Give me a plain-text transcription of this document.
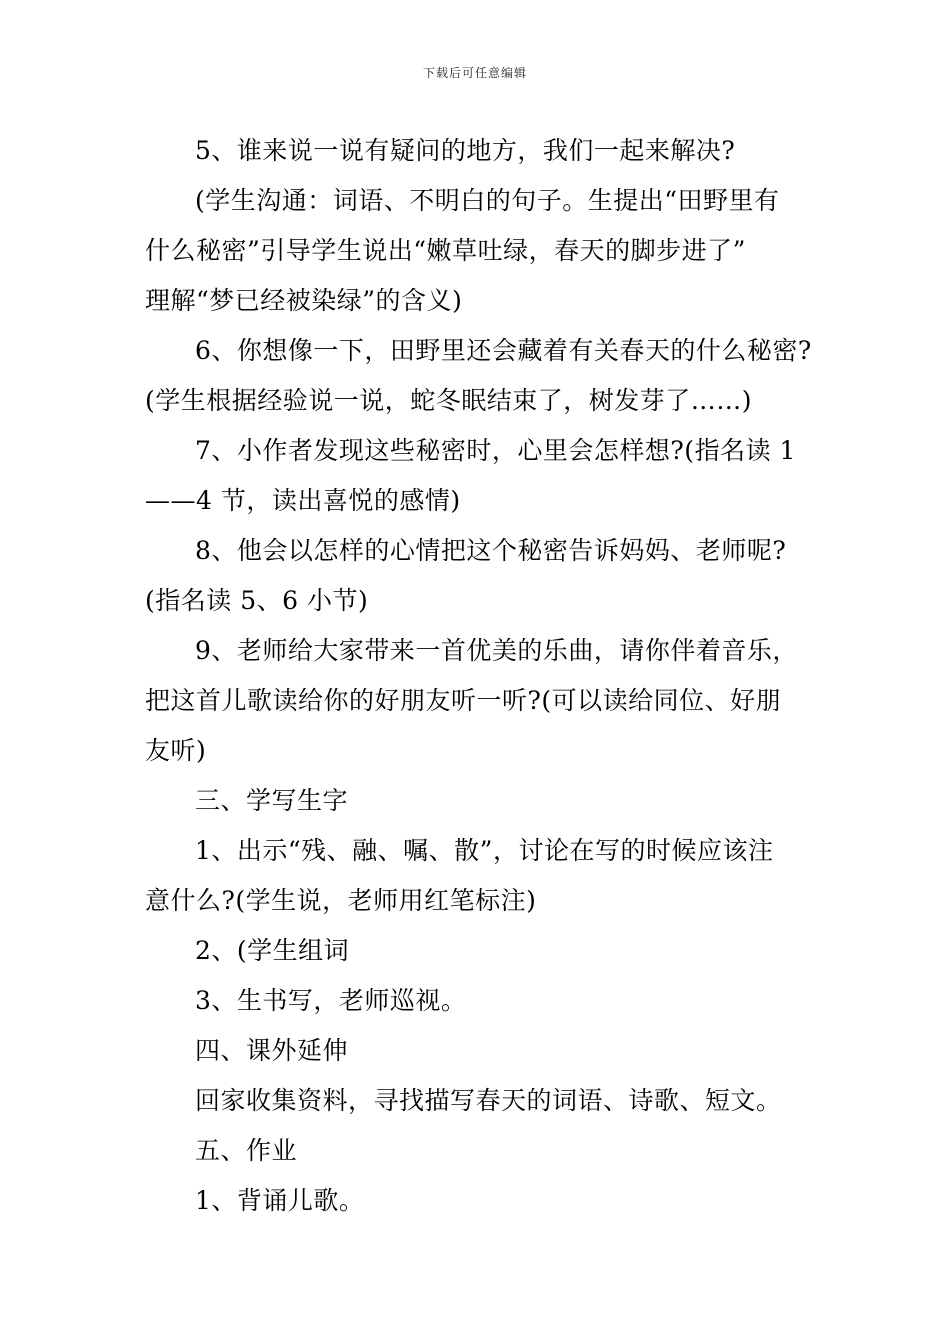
下载后可任意编辑
5、谁来说一说有疑问的地方，我们一起来解决?
(学生沟通：词语、不明白的句子。生提出“田野里有
什么秘密”引导学生说出“嫩草吐绿，春天的脚步进了”
理解“梦已经被染绿”的含义)
6、你想像一下，田野里还会藏着有关春天的什么秘密?
(学生根据经验说一说，蛇冬眠结束了，树发芽了……)
7、小作者发现这些秘密时，心里会怎样想?(指名读 1
——4 节，读出喜悦的感情)
8、他会以怎样的心情把这个秘密告诉妈妈、老师呢?
(指名读 5、6 小节)
9、老师给大家带来一首优美的乐曲，请你伴着音乐，
把这首儿歌读给你的好朋友听一听?(可以读给同位、好朋
友听)
三、学写生字
1、出示“残、融、嘱、散”，讨论在写的时候应该注
意什么?(学生说，老师用红笔标注)
2、(学生组词
3、生书写，老师巡视。
四、课外延伸
回家收集资料，寻找描写春天的词语、诗歌、短文。
五、作业
1、背诵儿歌。
